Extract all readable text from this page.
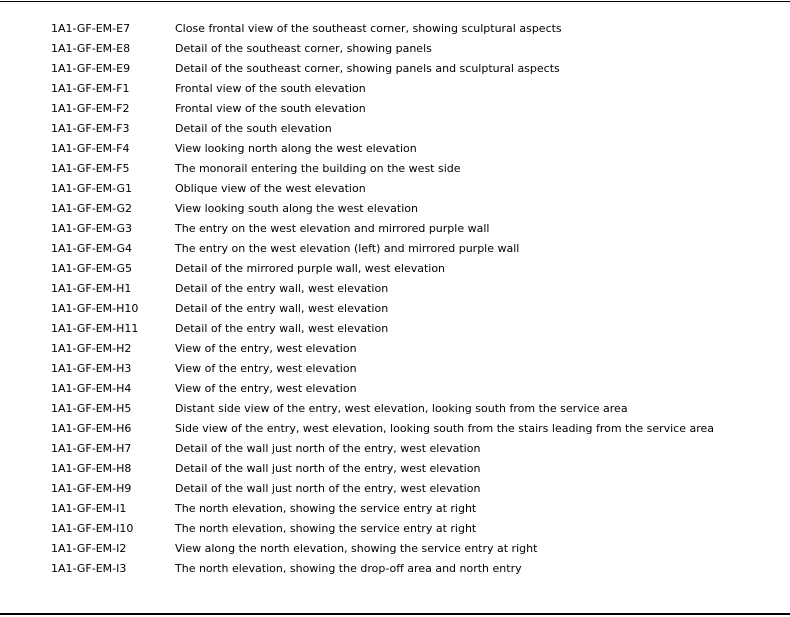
1A1-GF-EM-E7	Close frontal view of the southeast corner, showing sculptural aspects
1A1-GF-EM-E8	Detail of the southeast corner, showing panels
1A1-GF-EM-E9	Detail of the southeast corner, showing panels and sculptural aspects
1A1-GF-EM-F1	Frontal view of the south elevation
1A1-GF-EM-F2	Frontal view of the south elevation
1A1-GF-EM-F3	Detail of the south elevation
1A1-GF-EM-F4	View looking north along the west elevation
1A1-GF-EM-F5	The monorail entering the building on the west side
1A1-GF-EM-G1	Oblique view of the west elevation
1A1-GF-EM-G2	View looking south along the west elevation
1A1-GF-EM-G3	The entry on the west elevation and mirrored purple wall
1A1-GF-EM-G4	The entry on the west elevation (left) and mirrored purple wall
1A1-GF-EM-G5	Detail of the mirrored purple wall, west elevation
1A1-GF-EM-H1	Detail of the entry wall, west elevation
1A1-GF-EM-H10	Detail of the entry wall, west elevation
1A1-GF-EM-H11	Detail of the entry wall, west elevation
1A1-GF-EM-H2	View of the entry, west elevation
1A1-GF-EM-H3	View of the entry, west elevation
1A1-GF-EM-H4	View of the entry, west elevation
1A1-GF-EM-H5	Distant side view of the entry, west elevation, looking south from the service area
1A1-GF-EM-H6	Side view of the entry, west elevation, looking south from the stairs leading from the service area
1A1-GF-EM-H7	Detail of the wall just north of the entry, west elevation
1A1-GF-EM-H8	Detail of the wall just north of the entry, west elevation
1A1-GF-EM-H9	Detail of the wall just north of the entry, west elevation
1A1-GF-EM-I1	The north elevation, showing the service entry at right
1A1-GF-EM-I10	The north elevation, showing the service entry at right
1A1-GF-EM-I2	View along the north elevation, showing the service entry at right
1A1-GF-EM-I3	The north elevation, showing the drop-off area and north entry
